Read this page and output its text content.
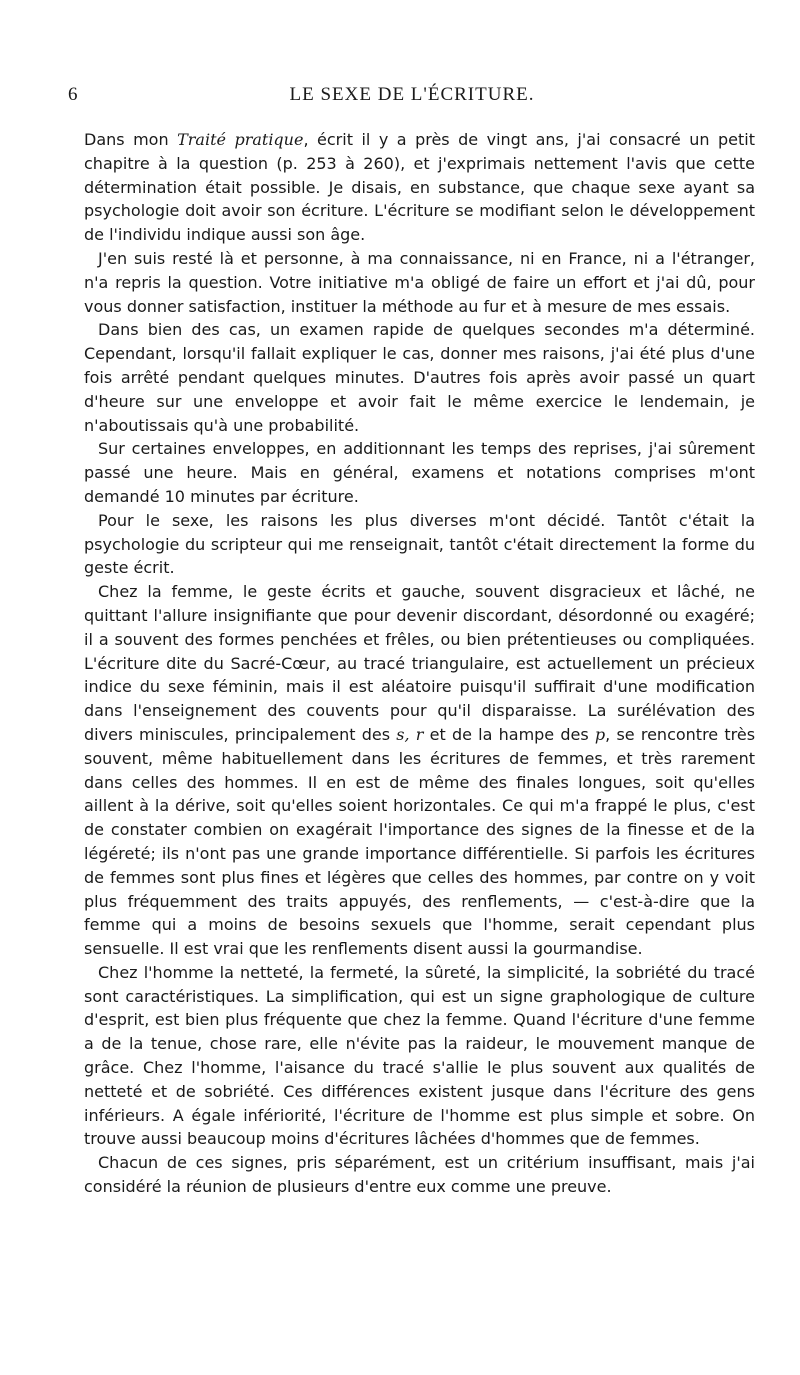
6	LE SEXE DE L'ÉCRITURE.

Dans mon Traité pratique, écrit il y a près de vingt ans, j'ai consacré un petit chapitre à la question (p. 253 à 260), et j'exprimais nettement l'avis que cette détermination était possible. Je disais, en substance, que chaque sexe ayant sa psychologie doit avoir son écriture. L'écriture se modifiant selon le développement de l'individu indique aussi son âge.

J'en suis resté là et personne, à ma connaissance, ni en France, ni a l'étranger, n'a repris la question. Votre initiative m'a obligé de faire un effort et j'ai dû, pour vous donner satisfaction, instituer la méthode au fur et à mesure de mes essais.

Dans bien des cas, un examen rapide de quelques secondes m'a déterminé. Cependant, lorsqu'il fallait expliquer le cas, donner mes raisons, j'ai été plus d'une fois arrêté pendant quelques minutes. D'autres fois après avoir passé un quart d'heure sur une enveloppe et avoir fait le même exercice le lendemain, je n'aboutissais qu'à une probabilité.

Sur certaines enveloppes, en additionnant les temps des reprises, j'ai sûrement passé une heure. Mais en général, examens et notations comprises m'ont demandé 10 minutes par écriture.

Pour le sexe, les raisons les plus diverses m'ont décidé. Tantôt c'était la psychologie du scripteur qui me renseignait, tantôt c'était directement la forme du geste écrit.

Chez la femme, le geste écrits et gauche, souvent disgracieux et lâché, ne quittant l'allure insignifiante que pour devenir discordant, désordonné ou exagéré; il a souvent des formes penchées et frêles, ou bien prétentieuses ou compliquées. L'écriture dite du Sacré-Cœur, au tracé triangulaire, est actuellement un précieux indice du sexe féminin, mais il est aléatoire puisqu'il suffirait d'une modification dans l'enseignement des couvents pour qu'il disparaisse. La surélévation des divers miniscules, principalement des s, r et de la hampe des p, se rencontre très souvent, même habituellement dans les écritures de femmes, et très rarement dans celles des hommes. Il en est de même des finales longues, soit qu'elles aillent à la dérive, soit qu'elles soient horizontales. Ce qui m'a frappé le plus, c'est de constater combien on exagérait l'importance des signes de la finesse et de la légéreté; ils n'ont pas une grande importance différentielle. Si parfois les écritures de femmes sont plus fines et légères que celles des hommes, par contre on y voit plus fréquemment des traits appuyés, des renflements, — c'est-à-dire que la femme qui a moins de besoins sexuels que l'homme, serait cependant plus sensuelle. Il est vrai que les renflements disent aussi la gourmandise.

Chez l'homme la netteté, la fermeté, la sûreté, la simplicité, la sobriété du tracé sont caractéristiques. La simplification, qui est un signe graphologique de culture d'esprit, est bien plus fréquente que chez la femme. Quand l'écriture d'une femme a de la tenue, chose rare, elle n'évite pas la raideur, le mouvement manque de grâce. Chez l'homme, l'aisance du tracé s'allie le plus souvent aux qualités de netteté et de sobriété. Ces différences existent jusque dans l'écriture des gens inférieurs. A égale infériorité, l'écriture de l'homme est plus simple et sobre. On trouve aussi beaucoup moins d'écritures lâchées d'hommes que de femmes.

Chacun de ces signes, pris séparément, est un critérium insuffisant, mais j'ai considéré la réunion de plusieurs d'entre eux comme une preuve.
